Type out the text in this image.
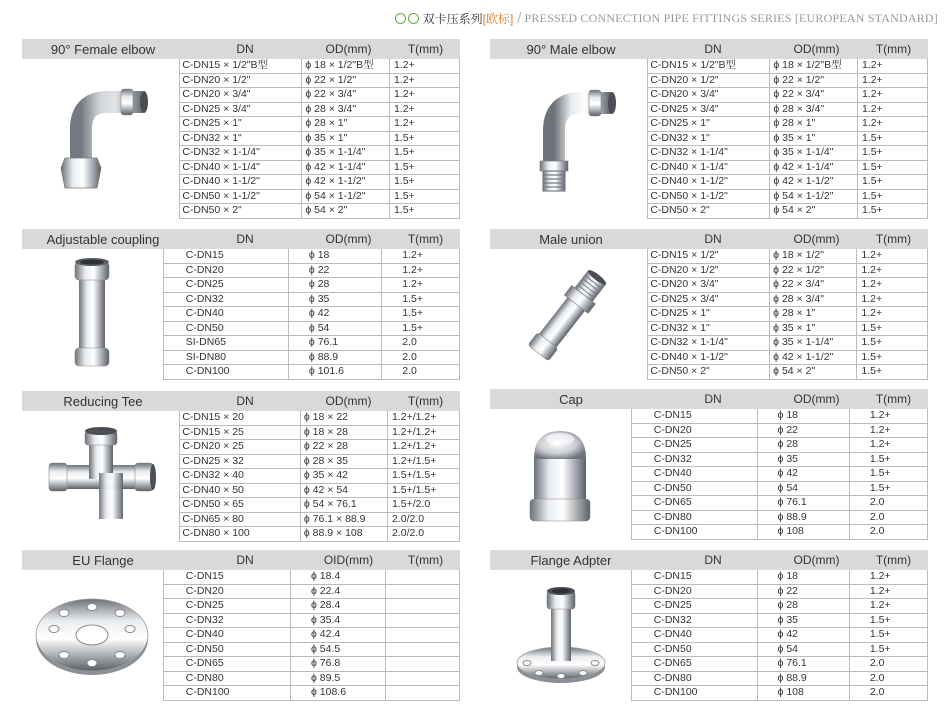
双卡压系列 [欧标] / PRESSED CONNECTION PIPE FITTINGS SERIES [EUROPEAN STANDARD]
90° Female elbow	DN	OD(mm)	T(mm)
C-DN15 × 1/2"B型	ϕ 18 × 1/2"B型	1.2+
C-DN20 × 1/2"	ϕ 22 × 1/2"	1.2+
C-DN20 × 3/4"	ϕ 22 × 3/4"	1.2+
C-DN25 × 3/4"	ϕ 28 × 3/4"	1.2+
C-DN25 × 1"	ϕ 28 × 1"	1.2+
C-DN32 × 1"	ϕ 35 × 1"	1.5+
C-DN32 × 1-1/4"	ϕ 35 × 1-1/4"	1.5+
C-DN40 × 1-1/4"	ϕ 42 × 1-1/4"	1.5+
C-DN40 × 1-1/2"	ϕ 42 × 1-1/2"	1.5+
C-DN50 × 1-1/2"	ϕ 54 × 1-1/2"	1.5+
C-DN50 × 2"	ϕ 54 × 2"	1.5+
90° Male elbow	DN	OD(mm)	T(mm)
C-DN15 × 1/2"B型	ϕ 18 × 1/2"B型	1.2+
C-DN20 × 1/2"	ϕ 22 × 1/2"	1.2+
C-DN20 × 3/4"	ϕ 22 × 3/4"	1.2+
C-DN25 × 3/4"	ϕ 28 × 3/4"	1.2+
C-DN25 × 1"	ϕ 28 × 1"	1.2+
C-DN32 × 1"	ϕ 35 × 1"	1.5+
C-DN32 × 1-1/4"	ϕ 35 × 1-1/4"	1.5+
C-DN40 × 1-1/4"	ϕ 42 × 1-1/4"	1.5+
C-DN40 × 1-1/2"	ϕ 42 × 1-1/2"	1.5+
C-DN50 × 1-1/2"	ϕ 54 × 1-1/2"	1.5+
C-DN50 × 2"	ϕ 54 × 2"	1.5+
Adjustable coupling	DN	OD(mm)	T(mm)
C-DN15	ϕ 18	1.2+
C-DN20	ϕ 22	1.2+
C-DN25	ϕ 28	1.2+
C-DN32	ϕ 35	1.5+
C-DN40	ϕ 42	1.5+
C-DN50	ϕ 54	1.5+
SI-DN65	ϕ 76.1	2.0
SI-DN80	ϕ 88.9	2.0
C-DN100	ϕ 101.6	2.0
Male union	DN	OD(mm)	T(mm)
C-DN15 × 1/2"	ϕ 18 × 1/2"	1.2+
C-DN20 × 1/2"	ϕ 22 × 1/2"	1.2+
C-DN20 × 3/4"	ϕ 22 × 3/4"	1.2+
C-DN25 × 3/4"	ϕ 28 × 3/4"	1.2+
C-DN25 × 1"	ϕ 28 × 1"	1.2+
C-DN32 × 1"	ϕ 35 × 1"	1.5+
C-DN32 × 1-1/4"	ϕ 35 × 1-1/4"	1.5+
C-DN40 × 1-1/2"	ϕ 42 × 1-1/2"	1.5+
C-DN50 × 2"	ϕ 54 × 2"	1.5+
Reducing Tee	DN	OD(mm)	T(mm)
C-DN15 × 20	ϕ 18 × 22	1.2+/1.2+
C-DN15 × 25	ϕ 18 × 28	1.2+/1.2+
C-DN20 × 25	ϕ 22 × 28	1.2+/1.2+
C-DN25 × 32	ϕ 28 × 35	1.2+/1.5+
C-DN32 × 40	ϕ 35 × 42	1.5+/1.5+
C-DN40 × 50	ϕ 42 × 54	1.5+/1.5+
C-DN50 × 65	ϕ 54 × 76.1	1.5+/2.0
C-DN65 × 80	ϕ 76.1 × 88.9	2.0/2.0
C-DN80 × 100	ϕ 88.9 × 108	2.0/2.0
Cap	DN	OD(mm)	T(mm)
C-DN15	ϕ 18	1.2+
C-DN20	ϕ 22	1.2+
C-DN25	ϕ 28	1.2+
C-DN32	ϕ 35	1.5+
C-DN40	ϕ 42	1.5+
C-DN50	ϕ 54	1.5+
C-DN65	ϕ 76.1	2.0
C-DN80	ϕ 88.9	2.0
C-DN100	ϕ 108	2.0
EU Flange	DN	OID(mm)	T(mm)
C-DN15	ϕ 18.4	
C-DN20	ϕ 22.4	
C-DN25	ϕ 28.4	
C-DN32	ϕ 35.4	
C-DN40	ϕ 42.4	
C-DN50	ϕ 54.5	
C-DN65	ϕ 76.8	
C-DN80	ϕ 89.5	
C-DN100	ϕ 108.6	
Flange Adpter	DN	OD(mm)	T(mm)
C-DN15	ϕ 18	1.2+
C-DN20	ϕ 22	1.2+
C-DN25	ϕ 28	1.2+
C-DN32	ϕ 35	1.5+
C-DN40	ϕ 42	1.5+
C-DN50	ϕ 54	1.5+
C-DN65	ϕ 76.1	2.0
C-DN80	ϕ 88.9	2.0
C-DN100	ϕ 108	2.0
